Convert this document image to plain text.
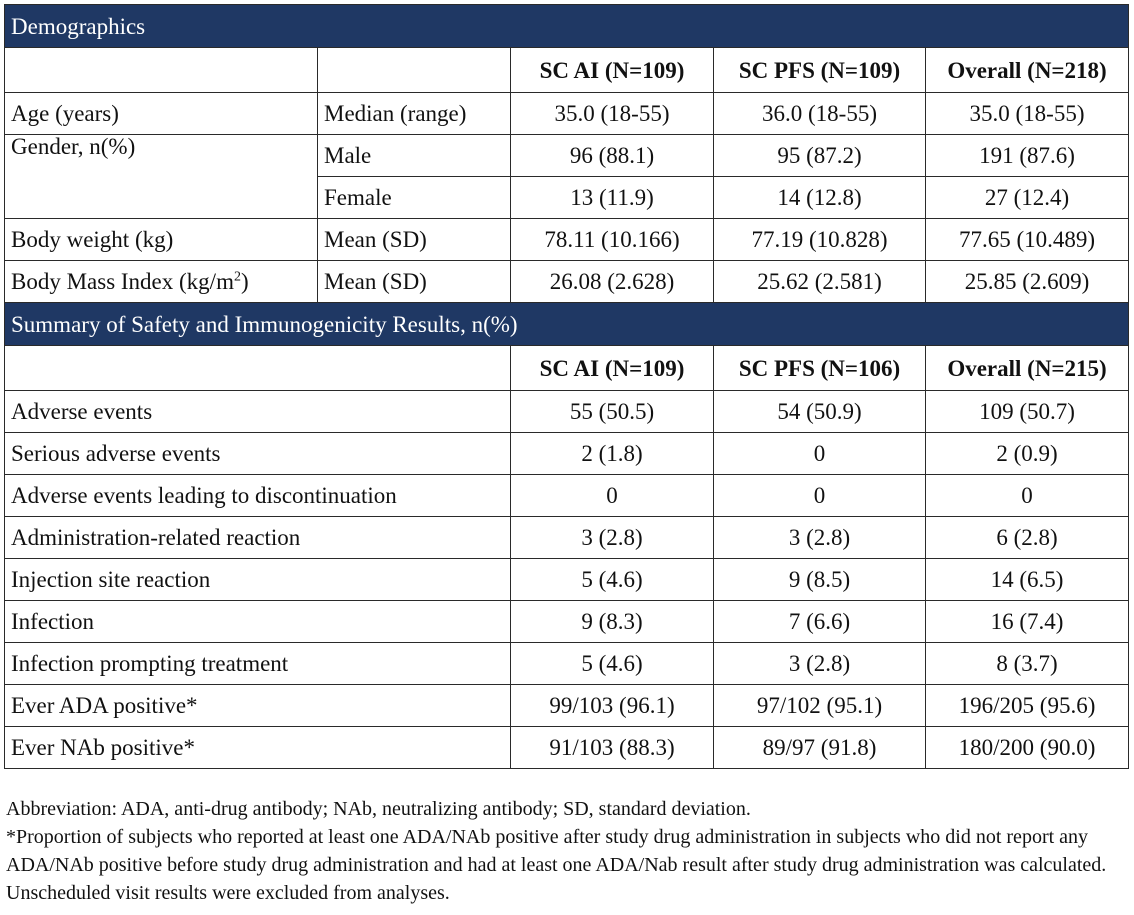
Demographics				
		SC AI (N=109)	SC PFS (N=109)	Overall (N=218)
Age (years)	Median (range)	35.0 (18-55)	36.0 (18-55)	35.0 (18-55)
Gender, n(%)	Male	96 (88.1)	95 (87.2)	191 (87.6)
	Female	13 (11.9)	14 (12.8)	27 (12.4)
Body weight (kg)	Mean (SD)	78.11 (10.166)	77.19 (10.828)	77.65 (10.489)
Body Mass Index $(kg/m^2)$	Mean (SD)	26.08 (2.628)	25.62 (2.581)	25.85 (2.609)
Summary of Safety and Immunogenicity Results, n(%)				
		SC AI (N=109)	SC PFS (N=106)	Overall (N=215)
Adverse events		55 (50.5)	54 (50.9)	109 (50.7)
Serious adverse events		2 (1.8)	0	2 (0.9)
Adverse events leading to discontinuation		0	0	0
Administration-related reaction		3 (2.8)	3 (2.8)	6 (2.8)
Injection site reaction		5 (4.6)	9 (8.5)	14 (6.5)
Infection		9 (8.3)	7 (6.6)	16 (7.4)
Infection prompting treatment		5 (4.6)	3 (2.8)	8 (3.7)
Ever ADA positive*		99/103 (96.1)	97/102 (95.1)	196/205 (95.6)
Ever NAb positive*		91/103 (88.3)	89/97 (91.8)	180/200 (90.0)

Abbreviation: ADA, anti-drug antibody; NAb, neutralizing antibody; SD, standard deviation.

*Proportion of subjects who reported at least one ADA/NAb positive after study drug administration in subjects who did not report any ADA/NAb positive before study drug administration and had at least one ADA/Nab result after study drug administration was calculated. Unscheduled visit results were excluded from analyses.
